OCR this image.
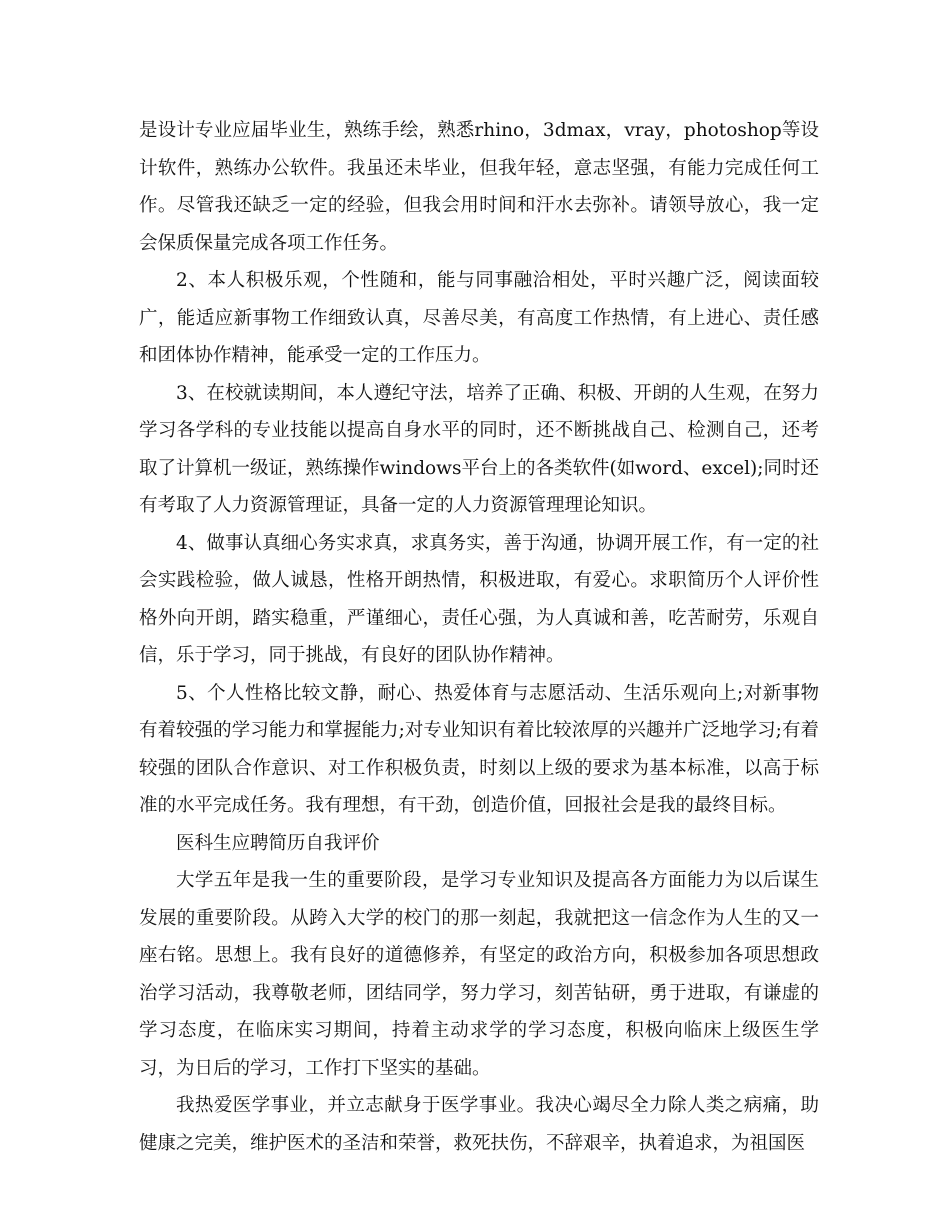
是设计专业应届毕业生，熟练手绘，熟悉rhino，3dmax，vray，photoshop等设计软件，熟练办公软件。我虽还未毕业，但我年轻，意志坚强，有能力完成任何工作。尽管我还缺乏一定的经验，但我会用时间和汗水去弥补。请领导放心，我一定会保质保量完成各项工作任务。

2、本人积极乐观，个性随和，能与同事融洽相处，平时兴趣广泛，阅读面较广，能适应新事物工作细致认真，尽善尽美，有高度工作热情，有上进心、责任感和团体协作精神，能承受一定的工作压力。

3、在校就读期间，本人遵纪守法，培养了正确、积极、开朗的人生观，在努力学习各学科的专业技能以提高自身水平的同时，还不断挑战自己、检测自己，还考取了计算机一级证，熟练操作windows平台上的各类软件(如word、excel);同时还有考取了人力资源管理证，具备一定的人力资源管理理论知识。

4、做事认真细心务实求真，求真务实，善于沟通，协调开展工作，有一定的社会实践检验，做人诚恳，性格开朗热情，积极进取，有爱心。求职简历个人评价性格外向开朗，踏实稳重，严谨细心，责任心强，为人真诚和善，吃苦耐劳，乐观自信，乐于学习，同于挑战，有良好的团队协作精神。

5、个人性格比较文静，耐心、热爱体育与志愿活动、生活乐观向上;对新事物有着较强的学习能力和掌握能力;对专业知识有着比较浓厚的兴趣并广泛地学习;有着较强的团队合作意识、对工作积极负责，时刻以上级的要求为基本标准，以高于标准的水平完成任务。我有理想，有干劲，创造价值，回报社会是我的最终目标。

医科生应聘简历自我评价

大学五年是我一生的重要阶段，是学习专业知识及提高各方面能力为以后谋生发展的重要阶段。从跨入大学的校门的那一刻起，我就把这一信念作为人生的又一座右铭。思想上。我有良好的道德修养，有坚定的政治方向，积极参加各项思想政治学习活动，我尊敬老师，团结同学，努力学习，刻苦钻研，勇于进取，有谦虚的学习态度，在临床实习期间，持着主动求学的学习态度，积极向临床上级医生学习，为日后的学习，工作打下坚实的基础。

我热爱医学事业，并立志献身于医学事业。我决心竭尽全力除人类之病痛，助健康之完美，维护医术的圣洁和荣誉，救死扶伤，不辞艰辛，执着追求，为祖国医
